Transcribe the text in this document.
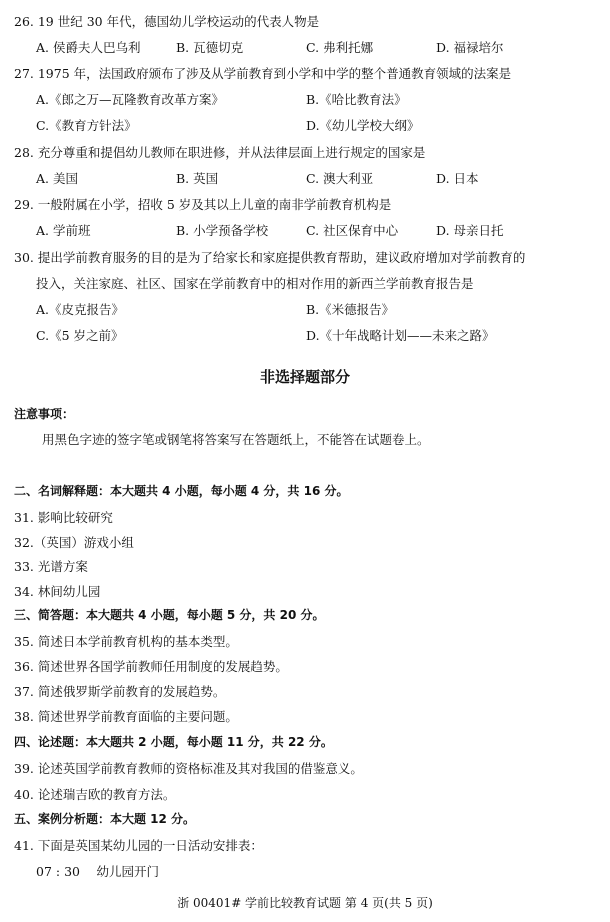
26. 19 世纪 30 年代，德国幼儿学校运动的代表人物是
A. 侯爵夫人巴乌利	B. 瓦德切克	C. 弗利托娜	D. 福禄培尔
27. 1975 年，法国政府颁布了涉及从学前教育到小学和中学的整个普通教育领域的法案是
A.《郎之万—瓦隆教育改革方案》	B.《哈比教育法》
C.《教育方针法》	D.《幼儿学校大纲》
28. 充分尊重和提倡幼儿教师在职进修，并从法律层面上进行规定的国家是
A. 美国	B. 英国	C. 澳大利亚	D. 日本
29. 一般附属在小学，招收 5 岁及其以上儿童的南非学前教育机构是
A. 学前班	B. 小学预备学校	C. 社区保育中心	D. 母亲日托
30. 提出学前教育服务的目的是为了给家长和家庭提供教育帮助，建议政府增加对学前教育的
投入，关注家庭、社区、国家在学前教育中的相对作用的新西兰学前教育报告是
A.《皮克报告》	B.《米德报告》
C.《5 岁之前》	D.《十年战略计划——未来之路》
非选择题部分
注意事项：
用黑色字迹的签字笔或钢笔将答案写在答题纸上，不能答在试题卷上。
二、名词解释题：本大题共 4 小题，每小题 4 分，共 16 分。
31. 影响比较研究
32.（英国）游戏小组
33. 光谱方案
34. 林间幼儿园
三、简答题：本大题共 4 小题，每小题 5 分，共 20 分。
35. 简述日本学前教育机构的基本类型。
36. 简述世界各国学前教师任用制度的发展趋势。
37. 简述俄罗斯学前教育的发展趋势。
38. 简述世界学前教育面临的主要问题。
四、论述题：本大题共 2 小题，每小题 11 分，共 22 分。
39. 论述英国学前教育教师的资格标准及其对我国的借鉴意义。
40. 论述瑞吉欧的教育方法。
五、案例分析题：本大题 12 分。
41. 下面是英国某幼儿园的一日活动安排表：
07 : 30　 幼儿园开门
浙 00401# 学前比较教育试题 第 4 页(共 5 页)
